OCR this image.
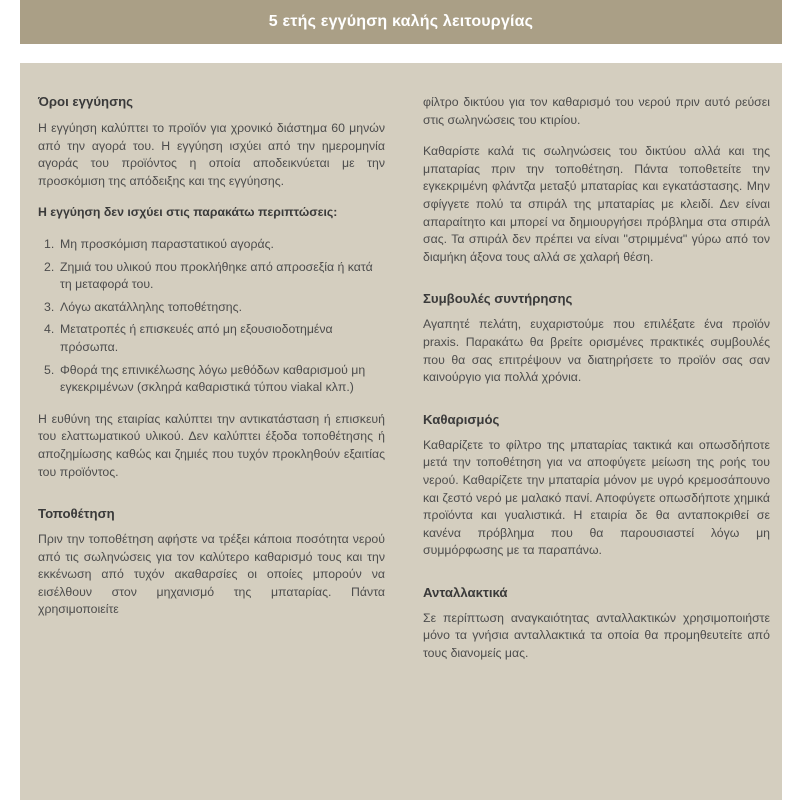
5 ετής εγγύηση καλής λειτουργίας
Όροι εγγύησης

Η εγγύηση καλύπτει το προϊόν για χρονικό διάστημα 60 μηνών από την αγορά του. Η εγγύηση ισχύει από την ημερομηνία αγοράς του προϊόντος η οποία αποδεικνύεται με την προσκόμιση της απόδειξης και της εγγύησης.

Η εγγύηση δεν ισχύει στις παρακάτω περιπτώσεις:
1. Μη προσκόμιση παραστατικού αγοράς.
2. Ζημιά του υλικού που προκλήθηκε από απροσεξία ή κατά τη μεταφορά του.
3. Λόγω ακατάλληλης τοποθέτησης.
4. Μετατροπές ή επισκευές από μη εξουσιοδοτημένα πρόσωπα.
5. Φθορά της επινικέλωσης λόγω μεθόδων καθαρισμού μη εγκεκριμένων (σκληρά καθαριστικά τύπου viakal κλπ.)

Η ευθύνη της εταιρίας καλύπτει την αντικατάσταση ή επισκευή του ελαττωματικού υλικού. Δεν καλύπτει έξοδα τοποθέτησης ή αποζημίωσης καθώς και ζημιές που τυχόν προκληθούν εξαιτίας του προϊόντος.

Τοποθέτηση

Πριν την τοποθέτηση αφήστε να τρέξει κάποια ποσότητα νερού από τις σωληνώσεις για τον καλύτερο καθαρισμό τους και την εκκένωση από τυχόν ακαθαρσίες οι οποίες μπορούν να εισέλθουν στον μηχανισμό της μπαταρίας. Πάντα χρησιμοποιείτε

φίλτρο δικτύου για τον καθαρισμό του νερού πριν αυτό ρεύσει στις σωληνώσεις του κτιρίου.

Καθαρίστε καλά τις σωληνώσεις του δικτύου αλλά και της μπαταρίας πριν την τοποθέτηση. Πάντα τοποθετείτε την εγκεκριμένη φλάντζα μεταξύ μπαταρίας και εγκατάστασης. Μην σφίγγετε πολύ τα σπιράλ της μπαταρίας με κλειδί. Δεν είναι απαραίτητο και μπορεί να δημιουργήσει πρόβλημα στα σπιράλ σας. Τα σπιράλ δεν πρέπει να είναι "στριμμένα" γύρω από τον διαμήκη άξονα τους αλλά σε χαλαρή θέση.

Συμβουλές συντήρησης

Αγαπητέ πελάτη, ευχαριστούμε που επιλέξατε ένα προϊόν praxis. Παρακάτω θα βρείτε ορισμένες πρακτικές συμβουλές που θα σας επιτρέψουν να διατηρήσετε το προϊόν σας σαν καινούργιο για πολλά χρόνια.

Καθαρισμός

Καθαρίζετε το φίλτρο της μπαταρίας τακτικά και οπωσδήποτε μετά την τοποθέτηση για να αποφύγετε μείωση της ροής του νερού. Καθαρίζετε την μπαταρία μόνον με υγρό κρεμοσάπουνο και ζεστό νερό με μαλακό πανί. Αποφύγετε οπωσδήποτε χημικά προϊόντα και γυαλιστικά. Η εταιρία δε θα ανταποκριθεί σε κανένα πρόβλημα που θα παρουσιαστεί λόγω μη συμμόρφωσης με τα παραπάνω.

Ανταλλακτικά

Σε περίπτωση αναγκαιότητας ανταλλακτικών χρησιμοποιήστε μόνο τα γνήσια ανταλλακτικά τα οποία θα προμηθευτείτε από τους διανομείς μας.
